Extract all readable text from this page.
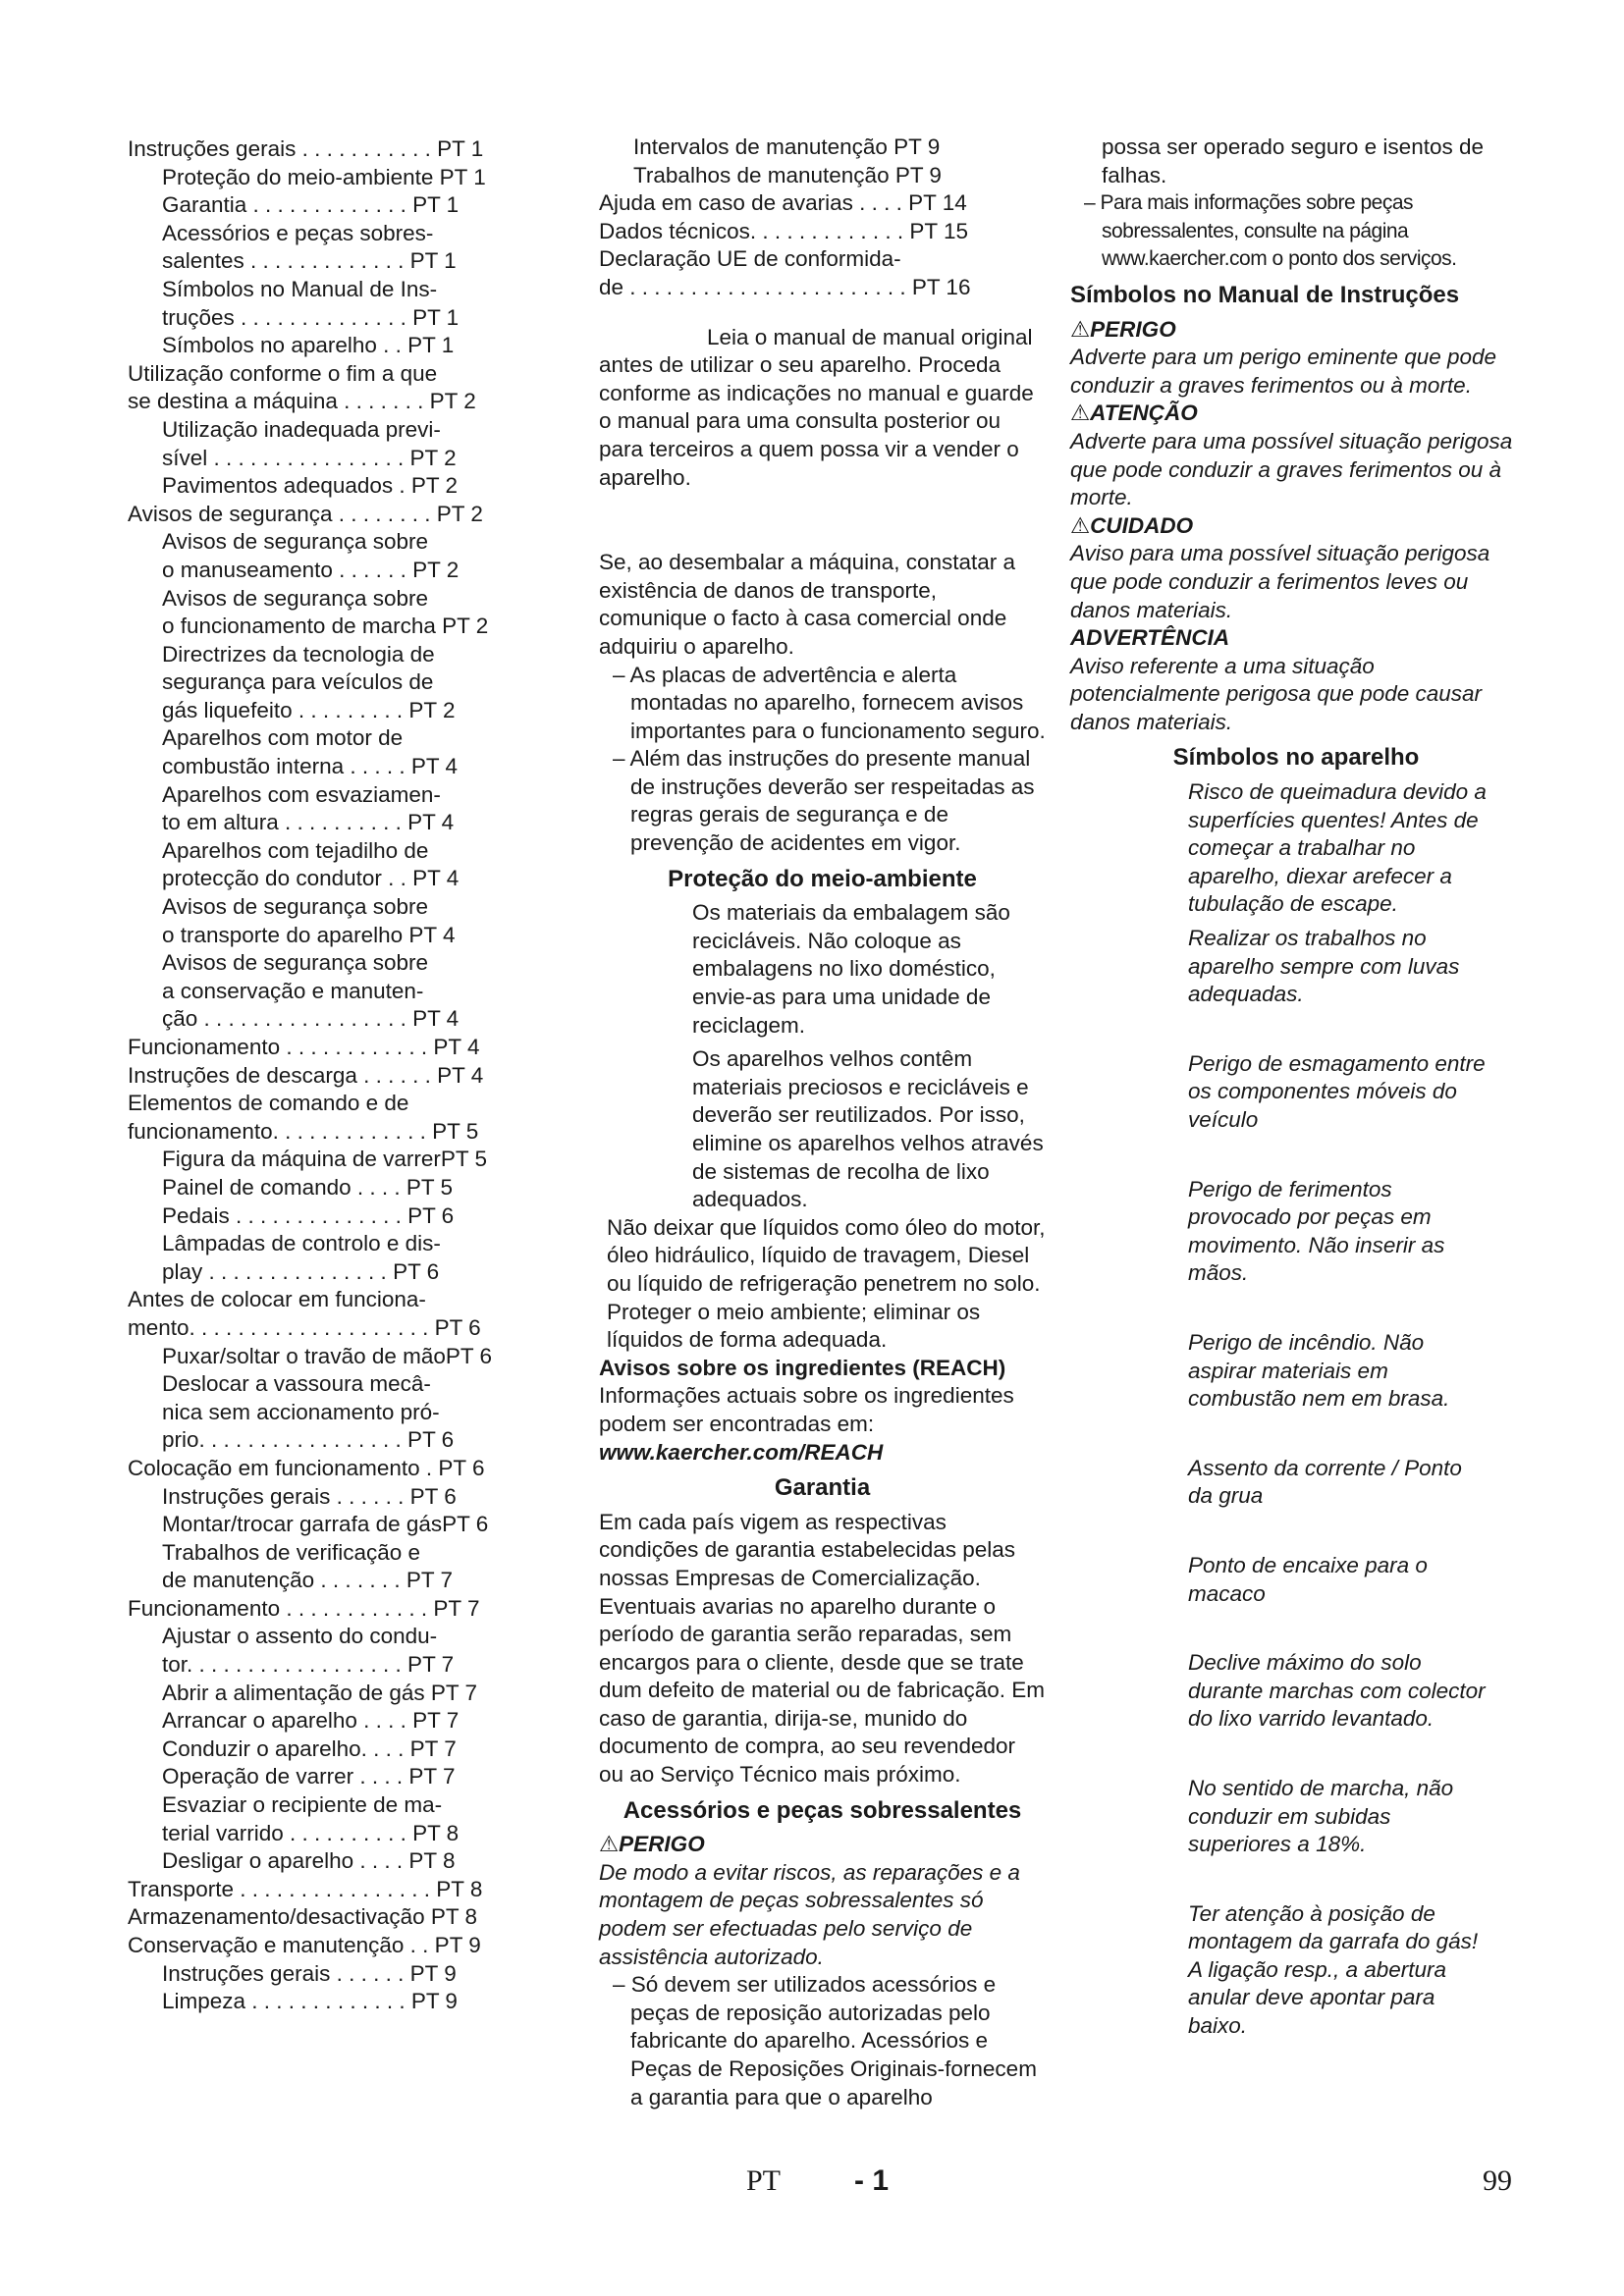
Instruções gerais . . . . . . . . . . . PT 1
Proteção do meio-ambiente PT 1
Garantia . . . . . . . . . . . . . PT 1
Acessórios e peças sobres-
salentes . . . . . . . . . . . . . PT 1
Símbolos no Manual de Ins-
truções . . . . . . . . . . . . . . PT 1
Símbolos no aparelho . . PT 1
Utilização conforme o fim a que
se destina a máquina . . . . . . . PT 2
Utilização inadequada previ-
sível . . . . . . . . . . . . . . . . PT 2
Pavimentos adequados . PT 2
Avisos de segurança . . . . . . . . PT 2
Avisos de segurança sobre
o manuseamento . . . . . . PT 2
Avisos de segurança sobre
o funcionamento de marcha PT 2
Directrizes da tecnologia de
segurança para veículos de
gás liquefeito . . . . . . . . . PT 2
Aparelhos com motor de
combustão interna . . . . . PT 4
Aparelhos com esvaziamen-
to em altura . . . . . . . . . . PT 4
Aparelhos com tejadilho de
protecção do condutor . . PT 4
Avisos de segurança sobre
o transporte do aparelho PT 4
Avisos de segurança sobre
a conservação e manuten-
ção . . . . . . . . . . . . . . . . . PT 4
Funcionamento . . . . . . . . . . . . PT 4
Instruções de descarga . . . . . . PT 4
Elementos de comando e de
funcionamento. . . . . . . . . . . . . PT 5
Figura da máquina de varrerPT 5
Painel de comando . . . . PT 5
Pedais . . . . . . . . . . . . . . PT 6
Lâmpadas de controlo e dis-
play . . . . . . . . . . . . . . . PT 6
Antes de colocar em funciona-
mento. . . . . . . . . . . . . . . . . . . . PT 6
Puxar/soltar o travão de mãoPT 6
Deslocar a vassoura mecâ-
nica sem accionamento pró-
prio. . . . . . . . . . . . . . . . . PT 6
Colocação em funcionamento . PT 6
Instruções gerais . . . . . . PT 6
Montar/trocar garrafa de gásPT 6
Trabalhos de verificação e
de manutenção . . . . . . . PT 7
Funcionamento . . . . . . . . . . . . PT 7
Ajustar o assento do condu-
tor. . . . . . . . . . . . . . . . . . PT 7
Abrir a alimentação de gás PT 7
Arrancar o aparelho . . . . PT 7
Conduzir o aparelho. . . . PT 7
Operação de varrer . . . . PT 7
Esvaziar o recipiente de ma-
terial varrido . . . . . . . . . . PT 8
Desligar o aparelho . . . . PT 8
Transporte . . . . . . . . . . . . . . . . PT 8
Armazenamento/desactivação PT 8
Conservação e manutenção . . PT 9
Instruções gerais . . . . . . PT 9
Limpeza . . . . . . . . . . . . . PT 9
Intervalos de manutenção PT 9
Trabalhos de manutenção PT 9
Ajuda em caso de avarias . . . . PT 14
Dados técnicos. . . . . . . . . . . . . PT 15
Declaração UE de conformida-
de . . . . . . . . . . . . . . . . . . . . . . . PT 16
Leia o manual de manual original antes de utilizar o seu aparelho. Proceda conforme as indicações no manual e guarde o manual para uma consulta posterior ou para terceiros a quem possa vir a vender o aparelho.
Se, ao desembalar a máquina, constatar a existência de danos de transporte, comunique o facto à casa comercial onde adquiriu o aparelho.
– As placas de advertência e alerta montadas no aparelho, fornecem avisos importantes para o funcionamento seguro.
– Além das instruções do presente manual de instruções deverão ser respeitadas as regras gerais de segurança e de prevenção de acidentes em vigor.
Proteção do meio-ambiente
Os materiais da embalagem são recicláveis. Não coloque as embalagens no lixo doméstico, envie-as para uma unidade de reciclagem.
Os aparelhos velhos contêm materiais preciosos e recicláveis e deverão ser reutilizados. Por isso, elimine os aparelhos velhos através de sistemas de recolha de lixo adequados.
Não deixar que líquidos como óleo do motor, óleo hidráulico, líquido de travagem, Diesel ou líquido de refrigeração penetrem no solo. Proteger o meio ambiente; eliminar os líquidos de forma adequada.
Avisos sobre os ingredientes (REACH)
Informações actuais sobre os ingredientes podem ser encontradas em:
www.kaercher.com/REACH
Garantia
Em cada país vigem as respectivas condições de garantia estabelecidas pelas nossas Empresas de Comercialização. Eventuais avarias no aparelho durante o período de garantia serão reparadas, sem encargos para o cliente, desde que se trate dum defeito de material ou de fabricação. Em caso de garantia, dirija-se, munido do documento de compra, ao seu revendedor ou ao Serviço Técnico mais próximo.
Acessórios e peças sobressalentes
⚠PERIGO
De modo a evitar riscos, as reparações e a montagem de peças sobressalentes só podem ser efectuadas pelo serviço de assistência autorizado.
– Só devem ser utilizados acessórios e peças de reposição autorizadas pelo fabricante do aparelho. Acessórios e Peças de Reposições Originais-fornecem a garantia para que o aparelho
possa ser operado seguro e isentos de falhas.
– Para mais informações sobre peças sobressalentes, consulte na página www.kaercher.com o ponto dos serviços.
Símbolos no Manual de Instruções
⚠PERIGO
Adverte para um perigo eminente que pode conduzir a graves ferimentos ou à morte.
⚠ATENÇÃO
Adverte para uma possível situação perigosa que pode conduzir a graves ferimentos ou à morte.
⚠CUIDADO
Aviso para uma possível situação perigosa que pode conduzir a ferimentos leves ou danos materiais.
ADVERTÊNCIA
Aviso referente a uma situação potencialmente perigosa que pode causar danos materiais.
Símbolos no aparelho
Risco de queimadura devido a superfícies quentes! Antes de começar a trabalhar no aparelho, diexar arefecer a tubulação de escape.
Realizar os trabalhos no aparelho sempre com luvas adequadas.
Perigo de esmagamento entre os componentes móveis do veículo
Perigo de ferimentos provocado por peças em movimento. Não inserir as mãos.
Perigo de incêndio. Não aspirar materiais em combustão nem em brasa.
Assento da corrente / Ponto da grua
Ponto de encaixe para o macaco
Declive máximo do solo durante marchas com colector do lixo varrido levantado.
No sentido de marcha, não conduzir em subidas superiores a 18%.
Ter atenção à posição de montagem da garrafa do gás! A ligação resp., a abertura anular deve apontar para baixo.
PT - 1	99
